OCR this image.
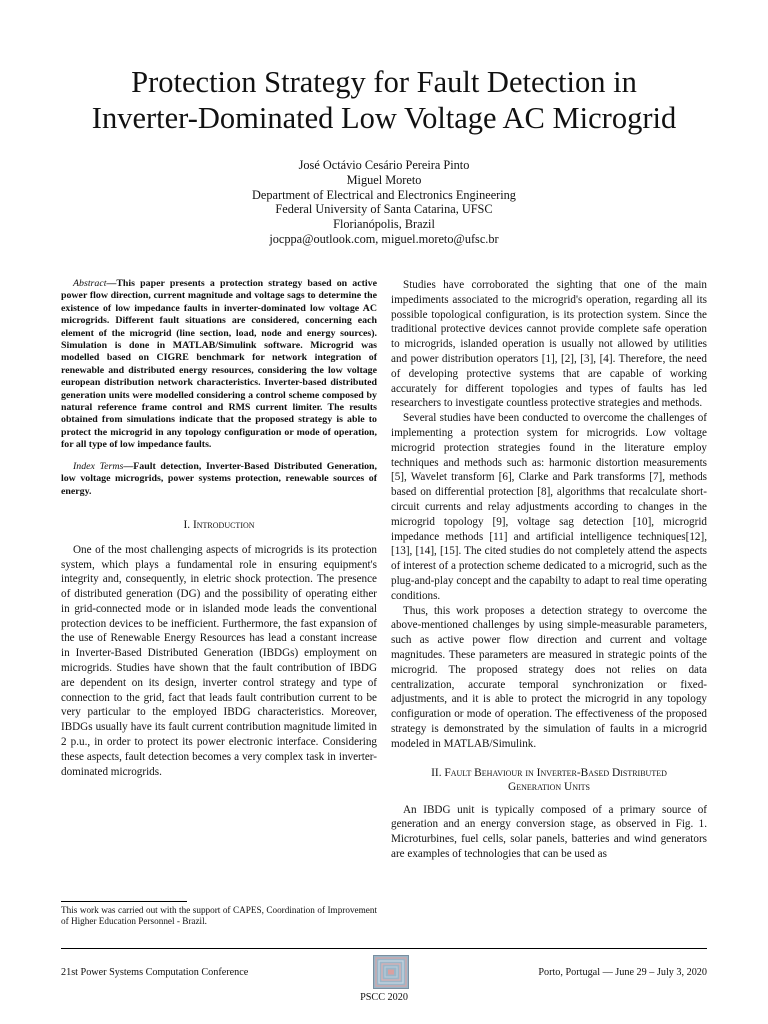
Protection Strategy for Fault Detection in
Inverter-Dominated Low Voltage AC Microgrid
José Octávio Cesário Pereira Pinto
Miguel Moreto
Department of Electrical and Electronics Engineering
Federal University of Santa Catarina, UFSC
Florianópolis, Brazil
jocppa@outlook.com, miguel.moreto@ufsc.br

Abstract—This paper presents a protection strategy based on active power flow direction, current magnitude and voltage sags to determine the existence of low impedance faults in inverter-dominated low voltage AC microgrids. Different fault situations are considered, concerning each element of the microgrid (line section, load, node and energy sources). Simulation is done in MATLAB/Simulink software. Microgrid was modelled based on CIGRE benchmark for network integration of renewable and distributed energy resources, considering the low voltage european distribution network characteristics. Inverter-based distributed generation units were modelled considering a control scheme composed by natural reference frame control and RMS current limiter. The results obtained from simulations indicate that the proposed strategy is able to protect the microgrid in any topology configuration or mode of operation, for all type of low impedance faults.

Index Terms—Fault detection, Inverter-Based Distributed Generation, low voltage microgrids, power systems protection, renewable sources of energy.

I. Introduction

One of the most challenging aspects of microgrids is its protection system, which plays a fundamental role in ensuring equipment's integrity and, consequently, in eletric shock protection. The presence of distributed generation (DG) and the possibility of operating either in grid-connected mode or in islanded mode leads the conventional protection devices to be inefficient. Furthermore, the fast expansion of the use of Renewable Energy Resources has lead a constant increase in Inverter-Based Distributed Generation (IBDGs) employment on microgrids. Studies have shown that the fault contribution of IBDG are dependent on its design, inverter control strategy and type of connection to the grid, fact that leads fault contribution current to be very particular to the employed IBDG characteristics. Moreover, IBDGs usually have its fault current contribution magnitude limited in 2 p.u., in order to protect its power electronic interface. Considering these aspects, fault detection becomes a very complex task in inverter-dominated microgrids.

This work was carried out with the support of CAPES, Coordination of Improvement of Higher Education Personnel - Brazil.

Studies have corroborated the sighting that one of the main impediments associated to the microgrid's operation, regarding all its possible topological configuration, is its protection system. Since the traditional protective devices cannot provide complete safe operation to microgrids, islanded operation is usually not allowed by utilities and power distribution operators [1], [2], [3], [4]. Therefore, the need of developing protective systems that are capable of working accurately for different topologies and types of faults has led researchers to investigate countless protective strategies and methods.

Several studies have been conducted to overcome the challenges of implementing a protection system for microgrids. Low voltage microgrid protection strategies found in the literature employ techniques and methods such as: harmonic distortion measurements [5], Wavelet transform [6], Clarke and Park transforms [7], methods based on differential protection [8], algorithms that recalculate short-circuit currents and relay adjustments according to changes in the microgrid topology [9], voltage sag detection [10], microgrid impedance methods [11] and artificial intelligence techniques[12], [13], [14], [15]. The cited studies do not completely attend the aspects of interest of a protection scheme dedicated to a microgrid, such as the plug-and-play concept and the capabilty to adapt to real time operating conditions.

Thus, this work proposes a detection strategy to overcome the above-mentioned challenges by using simple-measurable parameters, such as active power flow direction and current and voltage magnitudes. These parameters are measured in strategic points of the microgrid. The proposed strategy does not relies on data centralization, accurate temporal synchronization or fixed-adjustments, and it is able to protect the microgrid in any topology configuration or mode of operation. The effectiveness of the proposed strategy is demonstrated by the simulation of faults in a microgrid modeled in MATLAB/Simulink.

II. Fault Behaviour in Inverter-Based Distributed
Generation Units

An IBDG unit is typically composed of a primary source of generation and an energy conversion stage, as observed in Fig. 1. Microturbines, fuel cells, solar panels, batteries and wind generators are examples of technologies that can be used as

21st Power Systems Computation Conference	Porto, Portugal — June 29 – July 3, 2020
PSCC 2020
